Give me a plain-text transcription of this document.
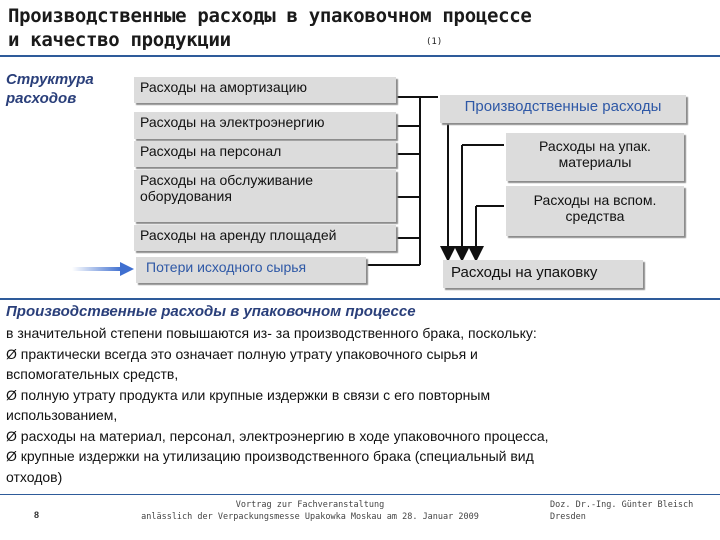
Производственные расходы в упаковочном процессе
и качество продукции	(1)
Структура
расходов
Расходы на амортизацию
Расходы на электроэнергию
Расходы на персонал
Расходы на обслуживание оборудования
Расходы на аренду площадей
Потери исходного сырья
Производственные расходы
Расходы на упак. материалы
Расходы на вспом. средства
Расходы на упаковку
Производственные расходы в упаковочном процессе

в значительной степени повышаются из- за производственного брака, поскольку:

Ø практически всегда это означает полную утрату упаковочного сырья и

вспомогательных средств,

Ø полную утрату продукта или крупные издержки в связи с его повторным

использованием,

Ø расходы на материал, персонал, электроэнергию в ходе упаковочного процесса,

Ø крупные издержки на утилизацию производственного брака (специальный вид

отходов)

8
Vortrag zur Fachveranstaltung
anlässlich der Verpackungsmesse Upakowka Moskau am 28. Januar 2009
Doz. Dr.-Ing. Günter Bleisch
Dresden
